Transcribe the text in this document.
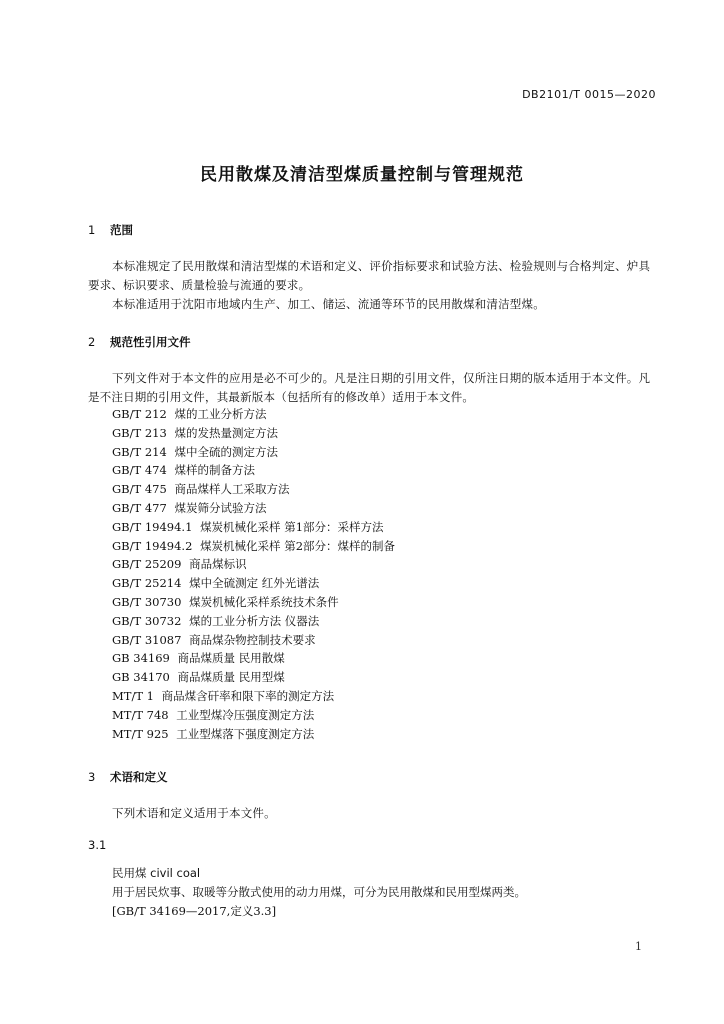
DB2101/T 0015—2020
民用散煤及清洁型煤质量控制与管理规范
1 范围
本标准规定了民用散煤和清洁型煤的术语和定义、评价指标要求和试验方法、检验规则与合格判定、炉具要求、标识要求、质量检验与流通的要求。
本标准适用于沈阳市地域内生产、加工、储运、流通等环节的民用散煤和清洁型煤。
2 规范性引用文件
下列文件对于本文件的应用是必不可少的。凡是注日期的引用文件，仅所注日期的版本适用于本文件。凡是不注日期的引用文件，其最新版本（包括所有的修改单）适用于本文件。
GB/T 212 煤的工业分析方法
GB/T 213 煤的发热量测定方法
GB/T 214 煤中全硫的测定方法
GB/T 474 煤样的制备方法
GB/T 475 商品煤样人工采取方法
GB/T 477 煤炭筛分试验方法
GB/T 19494.1 煤炭机械化采样 第1部分：采样方法
GB/T 19494.2 煤炭机械化采样 第2部分：煤样的制备
GB/T 25209 商品煤标识
GB/T 25214 煤中全硫测定 红外光谱法
GB/T 30730 煤炭机械化采样系统技术条件
GB/T 30732 煤的工业分析方法 仪器法
GB/T 31087 商品煤杂物控制技术要求
GB 34169 商品煤质量 民用散煤
GB 34170 商品煤质量 民用型煤
MT/T 1 商品煤含矸率和限下率的测定方法
MT/T 748 工业型煤冷压强度测定方法
MT/T 925 工业型煤落下强度测定方法
3 术语和定义
下列术语和定义适用于本文件。
3.1
民用煤 civil coal
用于居民炊事、取暖等分散式使用的动力用煤，可分为民用散煤和民用型煤两类。
[GB/T 34169—2017,定义3.3]
1
